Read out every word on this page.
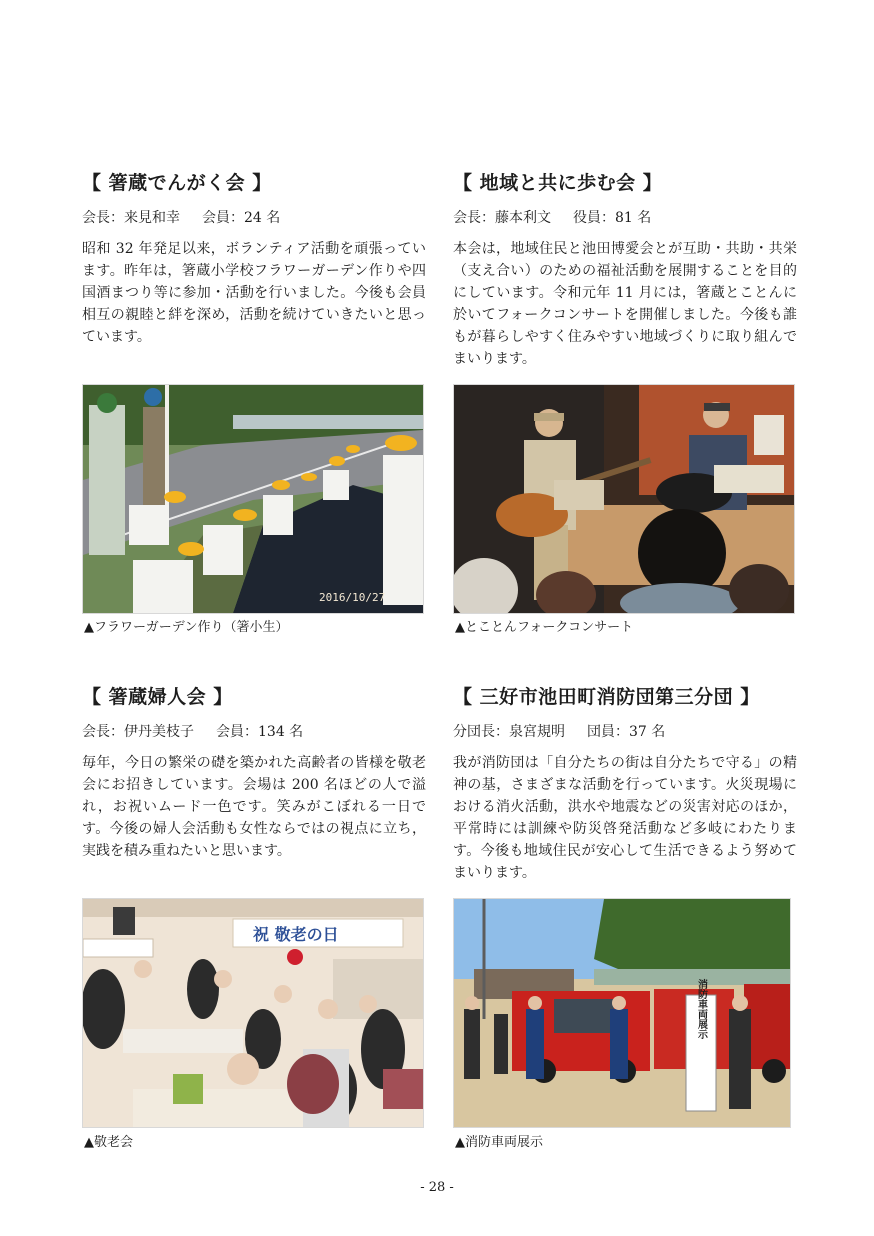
【 箸蔵でんがく会 】
会長：来見和幸 会員：24 名
昭和 32 年発足以来，ボランティア活動を頑張っています。昨年は，箸蔵小学校フラワーガーデン作りや四国酒まつり等に参加・活動を行いました。今後も会員相互の親睦と絆を深め，活動を続けていきたいと思っています。
【 地域と共に歩む会 】
会長：藤本利文 役員：81 名
本会は，地域住民と池田博愛会とが互助・共助・共栄（支え合い）のための福祉活動を展開することを目的にしています。令和元年 11 月には，箸蔵とことんに於いてフォークコンサートを開催しました。今後も誰もが暮らしやすく住みやすい地域づくりに取り組んでまいります。
【 箸蔵婦人会 】
会長：伊丹美枝子 会員：134 名
毎年，今日の繁栄の礎を築かれた高齢者の皆様を敬老会にお招きしています。会場は 200 名ほどの人で溢れ，お祝いムード一色です。笑みがこぼれる一日です。今後の婦人会活動も女性ならではの視点に立ち，実践を積み重ねたいと思います。
【 三好市池田町消防団第三分団 】
分団長：泉宮規明 団員：37 名
我が消防団は「自分たちの街は自分たちで守る」の精神の基，さまざまな活動を行っています。火災現場における消火活動，洪水や地震などの災害対応のほか，平常時には訓練や防災啓発活動など多岐にわたります。今後も地域住民が安心して生活できるよう努めてまいります。
2016/10/27
祝 敬老の日
消防車両展示
▲フラワーガーデン作り（箸小生）	▲とことんフォークコンサート
▲敬老会	▲消防車両展示
- 28 -
